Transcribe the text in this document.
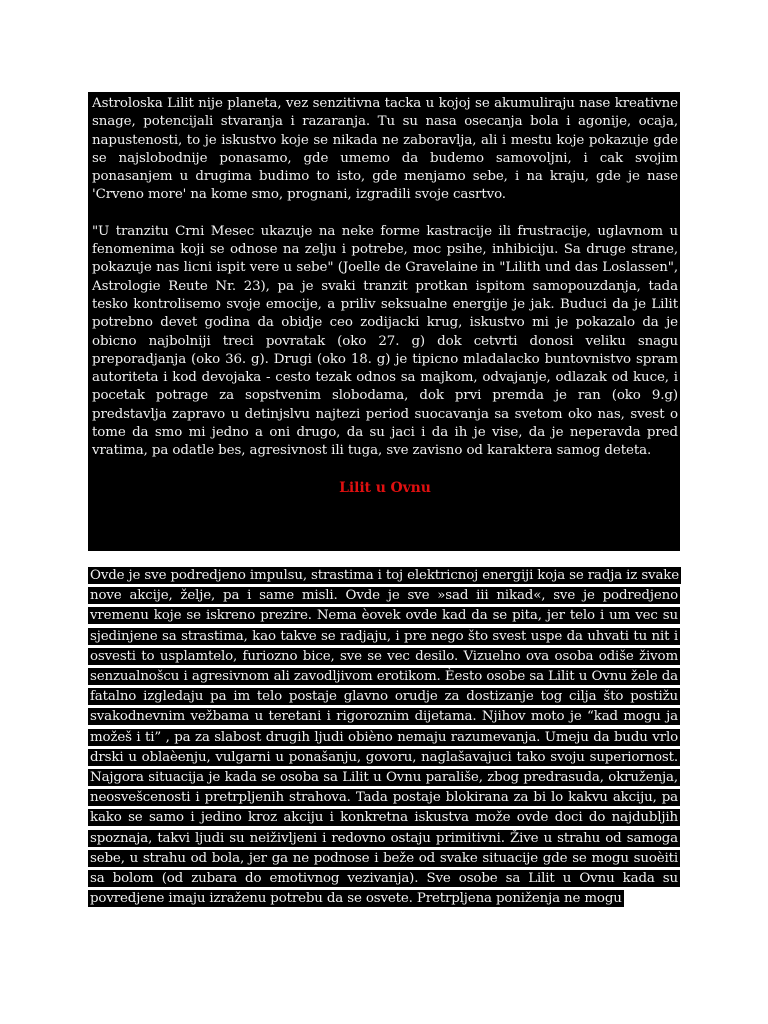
Astroloska Lilit nije planeta, vez senzitivna tacka u kojoj se akumuliraju nase kreativne snage, potencijali stvaranja i razaranja. Tu su nasa osecanja bola i agonije, ocaja, napustenosti, to je iskustvo koje se nikada ne zaboravlja, ali i mestu koje pokazuje gde se najslobodnije ponasamo, gde umemo da budemo samovoljni, i cak svojim ponasanjem u drugima budimo to isto, gde menjamo sebe, i na kraju, gde je nase 'Crveno more' na kome smo, prognani, izgradili svoje casrtvo.

"U tranzitu Crni Mesec ukazuje na neke forme kastracije ili frustracije, uglavnom u fenomenima koji se odnose na zelju i potrebe, moc psihe, inhibiciju. Sa druge strane, pokazuje nas licni ispit vere u sebe" (Joelle de Gravelaine in "Lilith und das Loslassen", Astrologie Reute Nr. 23), pa je svaki tranzit protkan ispitom samopouzdanja, tada tesko kontrolisemo svoje emocije, a priliv seksualne energije je jak. Buduci da je Lilit potrebno devet godina da obidje ceo zodijacki krug, iskustvo mi je pokazalo da je obicno najbolniji treci povratak (oko 27. g) dok cetvrti donosi veliku snagu preporadjanja (oko 36. g). Drugi (oko 18. g) je tipicno mladalacko buntovnistvo spram autoriteta i kod devojaka - cesto tezak odnos sa majkom, odvajanje, odlazak od kuce, i pocetak potrage za sopstvenim slobodama, dok prvi premda je ran (oko 9.g) predstavlja zapravo u detinjslvu najtezi period suocavanja sa svetom oko nas, svest o tome da smo mi jedno a oni drugo, da su jaci i da ih je vise, da je neperavda pred vratima, pa odatle bes, agresivnost ili tuga, sve zavisno od karaktera samog deteta.

Lilit u Ovnu

Ovde je sve podredjeno impulsu, strastima i toj elektricnoj energiji koja se radja iz svake nove akcije, želje, pa i same misli. Ovde je sve »sad iii nikad«, sve je podredjeno vremenu koje se iskreno prezire. Nema èovek ovde kad da se pita, jer telo i um vec su sjedinjene sa strastima, kao takve se radjaju, i pre nego što svest uspe da uhvati tu nit i osvesti to usplamtelo, furiozno bice, sve se vec desilo. Vizuelno ova osoba odiše živom senzualnošcu i agresivnom ali zavodljivom erotikom. Èesto osobe sa Lilit u Ovnu žele da fatalno izgledaju pa im telo postaje glavno orudje za dostizanje tog cilja što postižu svakodnevnim vežbama u teretani i rigoroznim dijetama. Njihov moto je “kad mogu ja možeš i ti” , pa za slabost drugih ljudi obièno nemaju razumevanja. Umeju da budu vrlo drski u oblaèenju, vulgarni u ponašanju, govoru, naglašavajuci tako svoju superiornost. Najgora situacija je kada se osoba sa Lilit u Ovnu parališe, zbog predrasuda, okruženja, neosvešcenosti i pretrpljenih strahova. Tada postaje blokirana za bi lo kakvu akciju, pa kako se samo i jedino kroz akciju i konkretna iskustva može ovde doci do najdubljih spoznaja, takvi ljudi su neiživljeni i redovno ostaju primitivni. Žive u strahu od samoga sebe, u strahu od bola, jer ga ne podnose i beže od svake situacije gde se mogu suoèiti sa bolom (od zubara do emotivnog vezivanja). Sve osobe sa Lilit u Ovnu kada su povredjene imaju izraženu potrebu da se osvete. Pretrpljena poniženja ne mogu
